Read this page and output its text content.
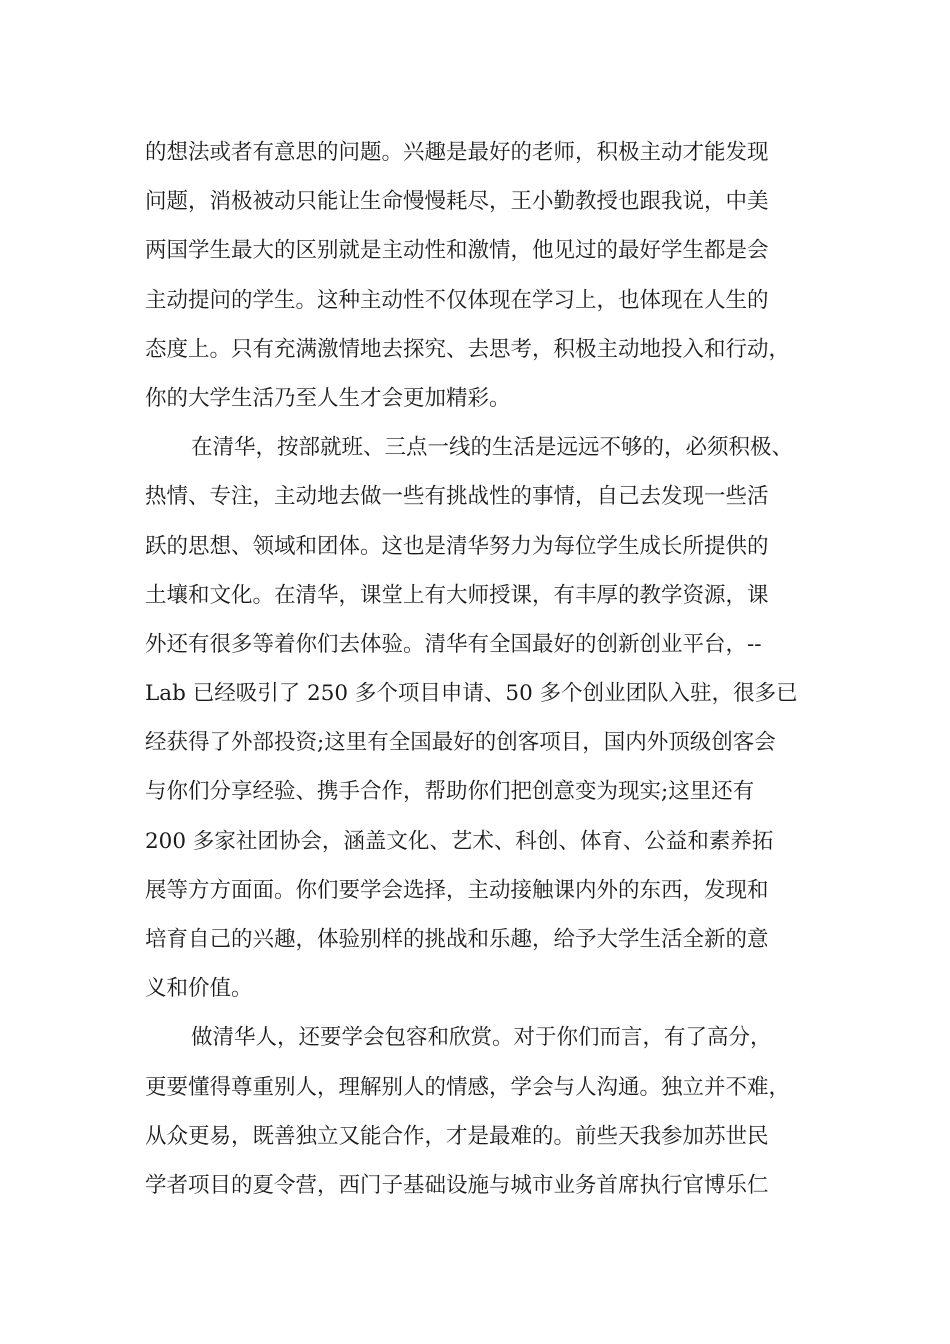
的想法或者有意思的问题。兴趣是最好的老师，积极主动才能发现
问题，消极被动只能让生命慢慢耗尽，王小勤教授也跟我说，中美
两国学生最大的区别就是主动性和激情，他见过的最好学生都是会
主动提问的学生。这种主动性不仅体现在学习上，也体现在人生的
态度上。只有充满激情地去探究、去思考，积极主动地投入和行动，
你的大学生活乃至人生才会更加精彩。
在清华，按部就班、三点一线的生活是远远不够的，必须积极、
热情、专注，主动地去做一些有挑战性的事情，自己去发现一些活
跃的思想、领域和团体。这也是清华努力为每位学生成长所提供的
土壤和文化。在清华，课堂上有大师授课，有丰厚的教学资源，课
外还有很多等着你们去体验。清华有全国最好的创新创业平台，--
Lab 已经吸引了 250 多个项目申请、50 多个创业团队入驻，很多已
经获得了外部投资;这里有全国最好的创客项目，国内外顶级创客会
与你们分享经验、携手合作，帮助你们把创意变为现实;这里还有
200 多家社团协会，涵盖文化、艺术、科创、体育、公益和素养拓
展等方方面面。你们要学会选择，主动接触课内外的东西，发现和
培育自己的兴趣，体验别样的挑战和乐趣，给予大学生活全新的意
义和价值。
做清华人，还要学会包容和欣赏。对于你们而言，有了高分，
更要懂得尊重别人，理解别人的情感，学会与人沟通。独立并不难，
从众更易，既善独立又能合作，才是最难的。前些天我参加苏世民
学者项目的夏令营，西门子基础设施与城市业务首席执行官博乐仁
